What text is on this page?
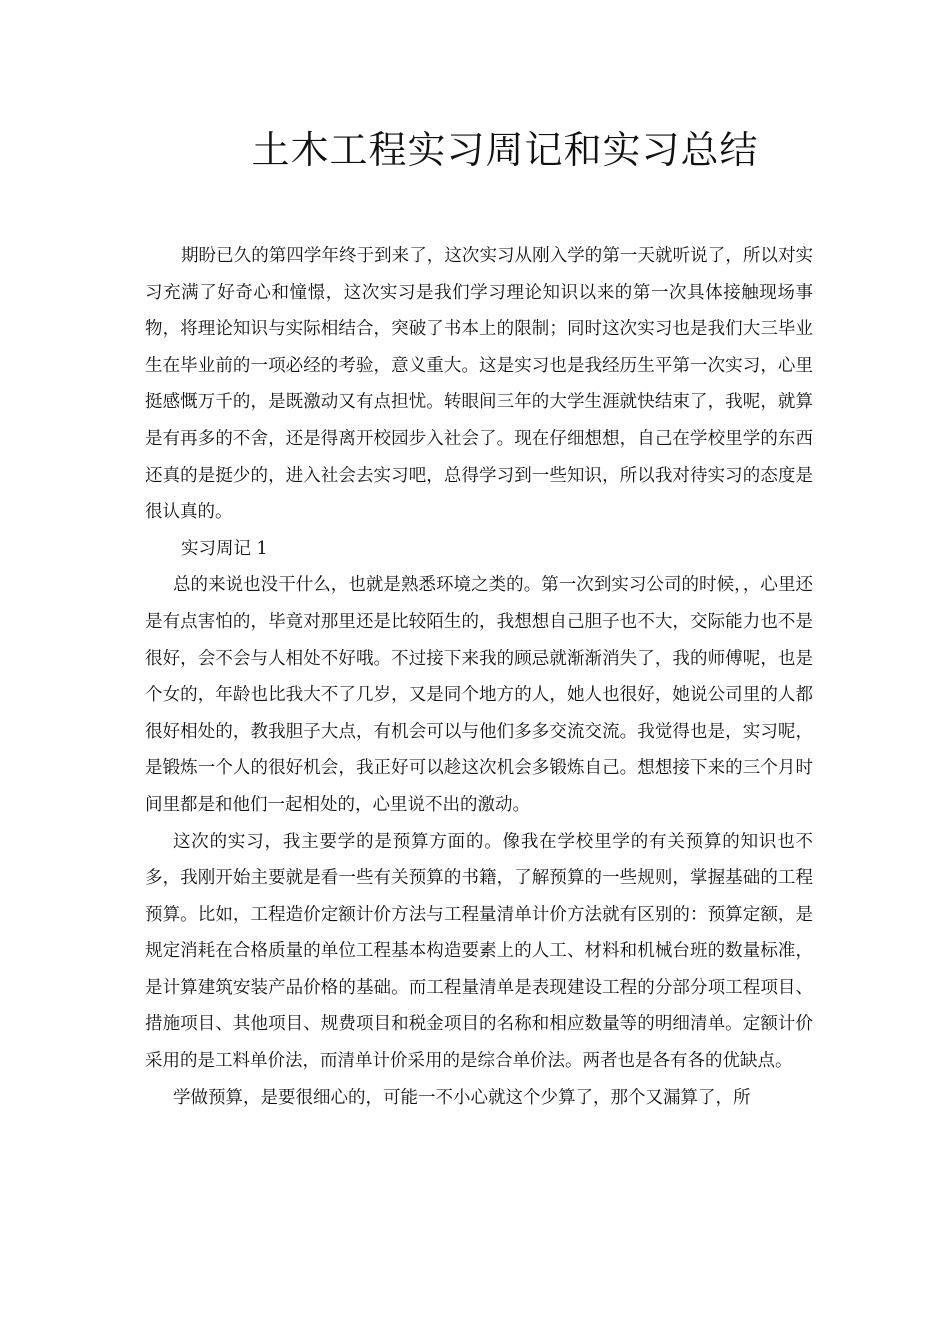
土木工程实习周记和实习总结

期盼已久的第四学年终于到来了，这次实习从刚入学的第一天就听说了，所以对实习充满了好奇心和憧憬，这次实习是我们学习理论知识以来的第一次具体接触现场事物，将理论知识与实际相结合，突破了书本上的限制；同时这次实习也是我们大三毕业生在毕业前的一项必经的考验，意义重大。这是实习也是我经历生平第一次实习，心里挺感慨万千的，是既激动又有点担忧。转眼间三年的大学生涯就快结束了，我呢，就算是有再多的不舍，还是得离开校园步入社会了。现在仔细想想，自己在学校里学的东西还真的是挺少的，进入社会去实习吧，总得学习到一些知识，所以我对待实习的态度是很认真的。

实习周记 1

总的来说也没干什么，也就是熟悉环境之类的。第一次到实习公司的时候，，心里还是有点害怕的，毕竟对那里还是比较陌生的，我想想自己胆子也不大，交际能力也不是很好，会不会与人相处不好哦。不过接下来我的顾忌就渐渐消失了，我的师傅呢，也是个女的，年龄也比我大不了几岁，又是同个地方的人，她人也很好，她说公司里的人都很好相处的，教我胆子大点，有机会可以与他们多多交流交流。我觉得也是，实习呢，是锻炼一个人的很好机会，我正好可以趁这次机会多锻炼自己。想想接下来的三个月时间里都是和他们一起相处的，心里说不出的激动。

这次的实习，我主要学的是预算方面的。像我在学校里学的有关预算的知识也不多，我刚开始主要就是看一些有关预算的书籍，了解预算的一些规则，掌握基础的工程预算。比如，工程造价定额计价方法与工程量清单计价方法就有区别的：预算定额，是规定消耗在合格质量的单位工程基本构造要素上的人工、材料和机械台班的数量标准，是计算建筑安装产品价格的基础。而工程量清单是表现建设工程的分部分项工程项目、措施项目、其他项目、规费项目和税金项目的名称和相应数量等的明细清单。定额计价采用的是工料单价法，而清单计价采用的是综合单价法。两者也是各有各的优缺点。

学做预算，是要很细心的，可能一不小心就这个少算了，那个又漏算了，所
